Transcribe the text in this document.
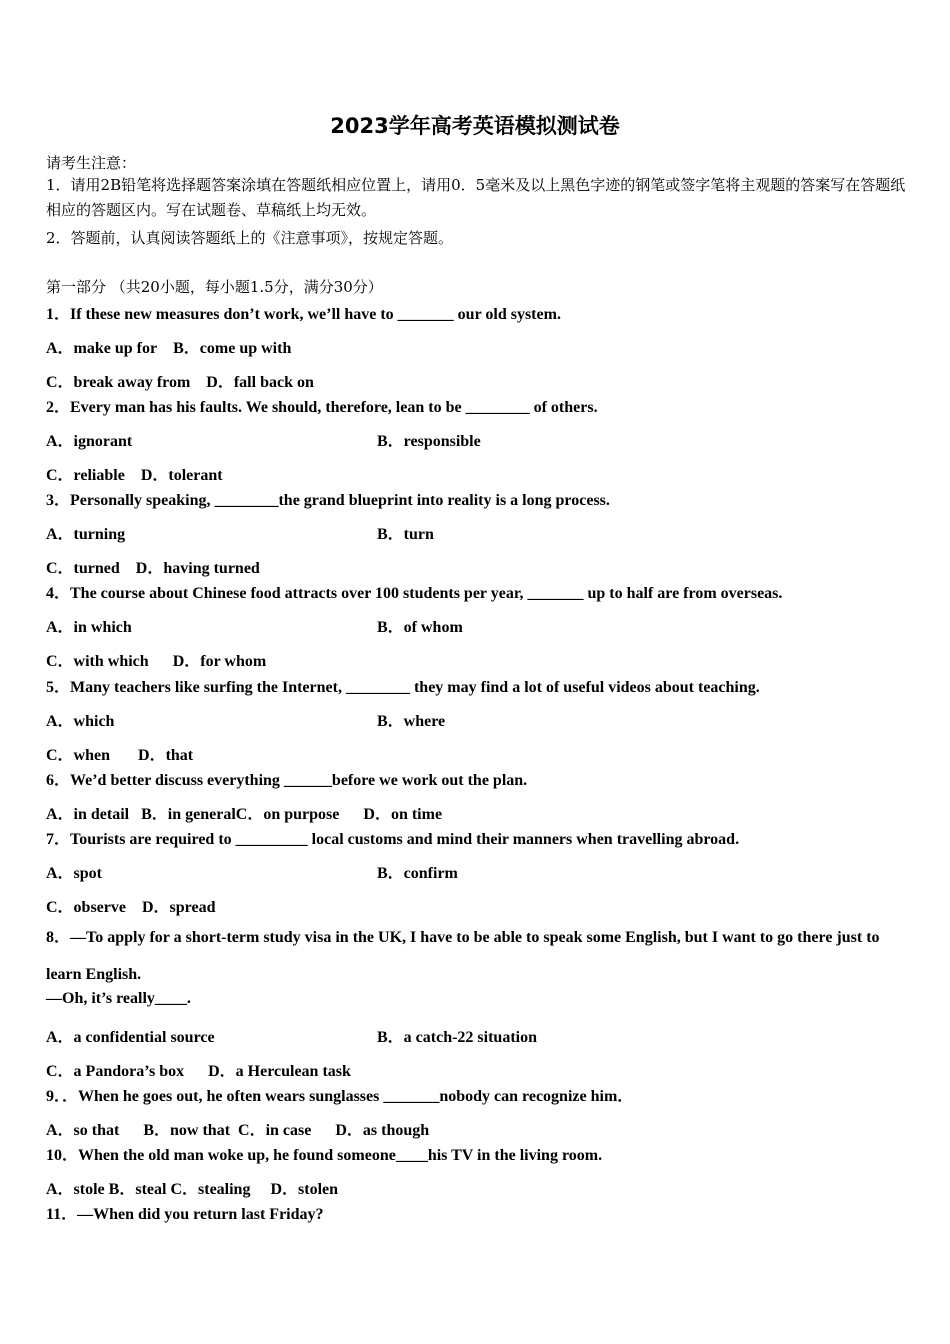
2023学年高考英语模拟测试卷
请考生注意：
1．请用2B铅笔将选择题答案涂填在答题纸相应位置上，请用0．5毫米及以上黑色字迹的钢笔或签字笔将主观题的答案写在答题纸相应的答题区内。写在试题卷、草稿纸上均无效。
2．答题前，认真阅读答题纸上的《注意事项》，按规定答题。
第一部分 （共20小题，每小题1.5分，满分30分）
1．If these new measures don’t work, we’ll have to _______ our old system.
A．make up for B．come up with
C．break away from D．fall back on
2．Every man has his faults. We should, therefore, lean to be ________ of others.
A．ignorant	B．responsible
C．reliable D．tolerant
3．Personally speaking, ________the grand blueprint into reality is a long process.
A．turning	B．turn
C．turned D．having turned
4．The course about Chinese food attracts over 100 students per year, _______ up to half are from overseas.
A．in which	B．of whom
C．with which D．for whom
5．Many teachers like surfing the Internet, ________ they may find a lot of useful videos about teaching.
A．which	B．where
C．when D．that
6．We’d better discuss everything ______before we work out the plan.
A．in detail B．in generalC．on purpose D．on time
7．Tourists are required to _________ local customs and mind their manners when travelling abroad.
A．spot	B．confirm
C．observe D．spread
8．—To apply for a short-term study visa in the UK, I have to be able to speak some English, but I want to go there just to learn English.
—Oh, it’s really____.
A．a confidential source	B．a catch-22 situation
C．a Pandora’s box D．a Herculean task
9．．When he goes out, he often wears sunglasses _______nobody can recognize him．
A．so that B．now that C．in case D．as though
10．When the old man woke up, he found someone____his TV in the living room.
A．stole B．steal C．stealing D．stolen
11．—When did you return last Friday?
